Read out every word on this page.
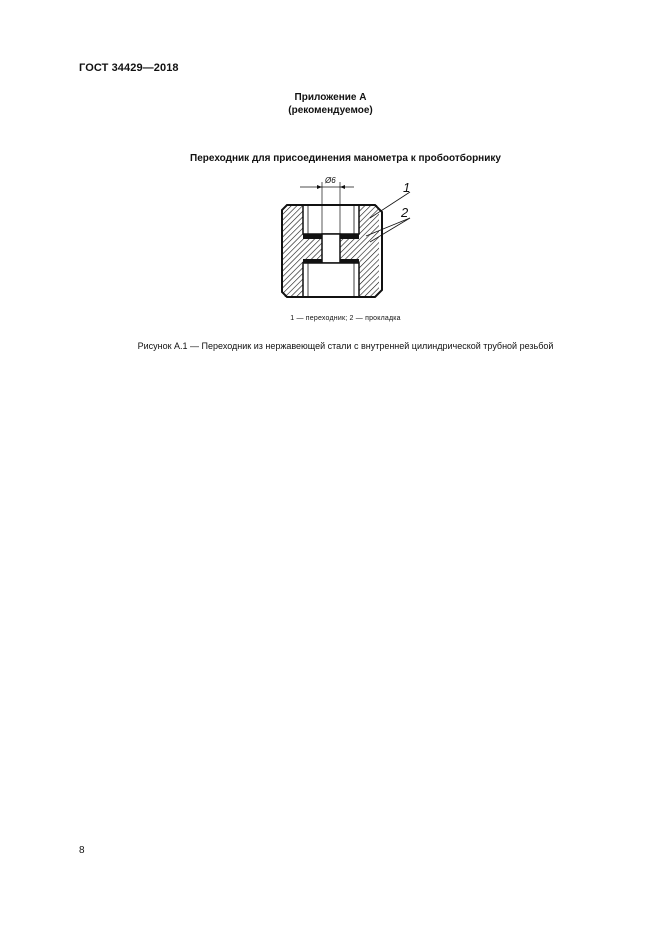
ГОСТ 34429—2018
Приложение А
(рекомендуемое)
Переходник для присоединения манометра к пробоотборнику
Ø6	1
2
1 — переходник; 2 — прокладка
Рисунок А.1 — Переходник из нержавеющей стали с внутренней цилиндрической трубной резьбой
8
